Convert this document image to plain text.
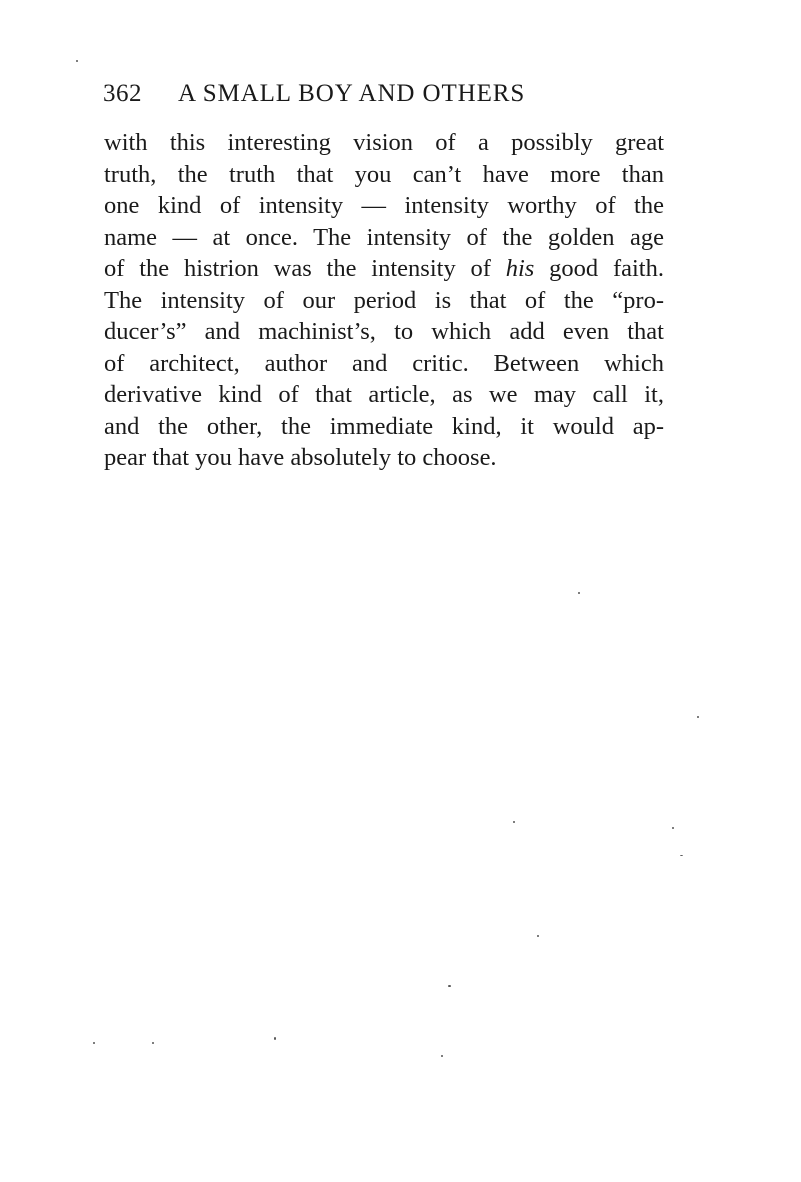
362 A SMALL BOY AND OTHERS
with this interesting vision of a possibly great
truth, the truth that you can’t have more than
one kind of intensity — intensity worthy of the
name — at once. The intensity of the golden age
of the histrion was the intensity of his good faith.
The intensity of our period is that of the “pro-
ducer’s” and machinist’s, to which add even that
of architect, author and critic. Between which
derivative kind of that article, as we may call it,
and the other, the immediate kind, it would ap-
pear that you have absolutely to choose.
